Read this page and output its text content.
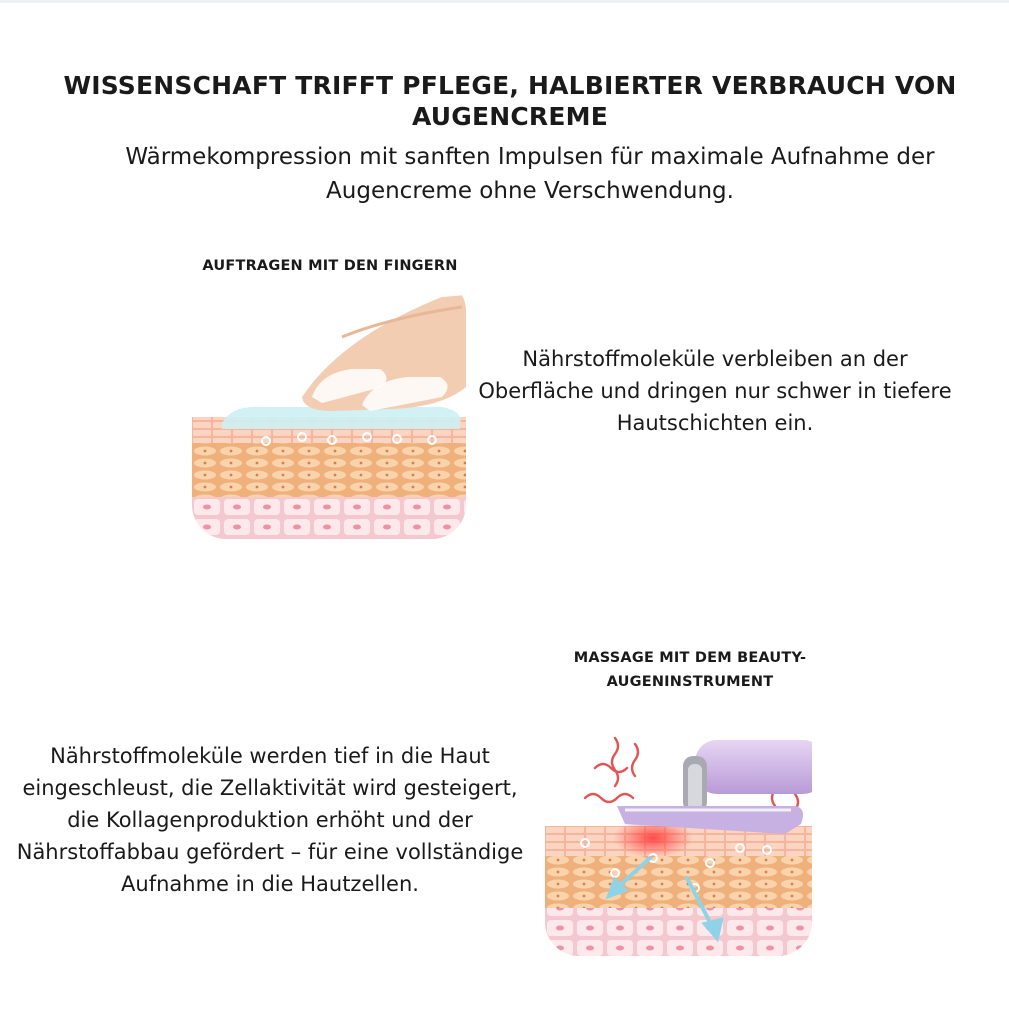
WISSENSCHAFT TRIFFT PFLEGE, HALBIERTER VERBRAUCH VON AUGENCREME

Wärmekompression mit sanften Impulsen für maximale Aufnahme der Augencreme ohne Verschwendung.

AUFTRAGEN MIT DEN FINGERN

Nährstoffmoleküle verbleiben an der Oberfläche und dringen nur schwer in tiefere Hautschichten ein.

MASSAGE MIT DEM BEAUTY-AUGENINSTRUMENT

Nährstoffmoleküle werden tief in die Haut eingeschleust, die Zellaktivität wird gesteigert, die Kollagenproduktion erhöht und der Nährstoffabbau gefördert – für eine vollständige Aufnahme in die Hautzellen.
